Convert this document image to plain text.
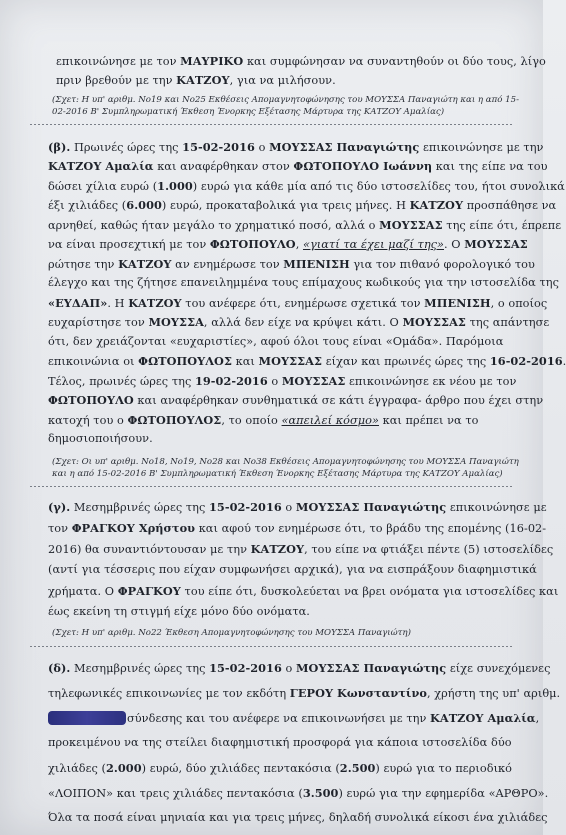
επικοινώνησε με τον ΜΑΥΡΙΚΟ και συμφώνησαν να συναντηθούν οι δύο τους, λίγο
πριν βρεθούν με την ΚΑΤΖΟΥ, για να μιλήσουν.
(Σχετ: Η υπ' αριθμ. No19 και No25 Εκθέσεις Απομαγνητοφώνησης του ΜΟΥΣΣΑ Παναγιώτη και η από 15-
02-2016 Β' Συμπληρωματική Έκθεση Ένορκης Εξέτασης Μάρτυρα της ΚΑΤΖΟΥ Αμαλίας)
(β). Πρωινές ώρες της 15-02-2016 ο ΜΟΥΣΣΑΣ Παναγιώτης επικοινώνησε με την
ΚΑΤΖΟΥ Αμαλία και αναφέρθηκαν στον ΦΩΤΟΠΟΥΛΟ Ιωάννη και της είπε να του
δώσει χίλια ευρώ (1.000) ευρώ για κάθε μία από τις δύο ιστοσελίδες του, ήτοι συνολικά
έξι χιλιάδες (6.000) ευρώ, προκαταβολικά για τρεις μήνες. Η ΚΑΤΖΟΥ προσπάθησε να
αρνηθεί, καθώς ήταν μεγάλο το χρηματικό ποσό, αλλά ο ΜΟΥΣΣΑΣ της είπε ότι, έπρεπε
να είναι προσεχτική με τον ΦΩΤΟΠΟΥΛΟ, «γιατί τα έχει μαζί της». Ο ΜΟΥΣΣΑΣ
ρώτησε την ΚΑΤΖΟΥ αν ενημέρωσε τον ΜΠΕΝΙΣΗ για τον πιθανό φορολογικό του
έλεγχο και της ζήτησε επανειλημμένα τους επίμαχους κωδικούς για την ιστοσελίδα της
«ΕΥΔΑΠ». Η ΚΑΤΖΟΥ του ανέφερε ότι, ενημέρωσε σχετικά τον ΜΠΕΝΙΣΗ, ο οποίος
ευχαρίστησε τον ΜΟΥΣΣΑ, αλλά δεν είχε να κρύψει κάτι. Ο ΜΟΥΣΣΑΣ της απάντησε
ότι, δεν χρειάζονται «ευχαριστίες», αφού όλοι τους είναι «Ομάδα». Παρόμοια
επικοινώνια οι ΦΩΤΟΠΟΥΛΟΣ και ΜΟΥΣΣΑΣ είχαν και πρωινές ώρες της 16-02-2016.
Τέλος, πρωινές ώρες της 19-02-2016 ο ΜΟΥΣΣΑΣ επικοινώνησε εκ νέου με τον
ΦΩΤΟΠΟΥΛΟ και αναφέρθηκαν συνθηματικά σε κάτι έγγραφα- άρθρο που έχει στην
κατοχή του ο ΦΩΤΟΠΟΥΛΟΣ, το οποίο «απειλεί κόσμο» και πρέπει να το
δημοσιοποιήσουν.
(Σχετ: Οι υπ' αριθμ. No18, No19, No28 και No38 Εκθέσεις Απομαγνητοφώνησης του ΜΟΥΣΣΑ Παναγιώτη
και η από 15-02-2016 Β' Συμπληρωματική Έκθεση Ένορκης Εξέτασης Μάρτυρα της ΚΑΤΖΟΥ Αμαλίας)
(γ). Μεσημβρινές ώρες της 15-02-2016 ο ΜΟΥΣΣΑΣ Παναγιώτης επικοινώνησε με
τον ΦΡΑΓΚΟΥ Χρήστου και αφού τον ενημέρωσε ότι, το βράδυ της επομένης (16-02-
2016) θα συναντιόντουσαν με την ΚΑΤΖΟΥ, του είπε να φτιάξει πέντε (5) ιστοσελίδες
(αντί για τέσσερις που είχαν συμφωνήσει αρχικά), για να εισπράξουν διαφημιστικά
χρήματα. Ο ΦΡΑΓΚΟΥ του είπε ότι, δυσκολεύεται να βρει ονόματα για ιστοσελίδες και
έως εκείνη τη στιγμή είχε μόνο δύο ονόματα.
(Σχετ: Η υπ' αριθμ. No22 Έκθεση Απομαγνητοφώνησης του ΜΟΥΣΣΑ Παναγιώτη)
(δ). Μεσημβρινές ώρες της 15-02-2016 ο ΜΟΥΣΣΑΣ Παναγιώτης είχε συνεχόμενες
τηλεφωνικές επικοινωνίες με τον εκδότη ΓΕΡΟΥ Κωνσταντίνο, χρήστη της υπ' αριθμ.
σύνδεσης και του ανέφερε να επικοινωνήσει με την ΚΑΤΖΟΥ Αμαλία,
προκειμένου να της στείλει διαφημιστική προσφορά για κάποια ιστοσελίδα δύο
χιλιάδες (2.000) ευρώ, δύο χιλιάδες πεντακόσια (2.500) ευρώ για το περιοδικό
«ΛΟΙΠΟΝ» και τρεις χιλιάδες πεντακόσια (3.500) ευρώ για την εφημερίδα «ΑΡΘΡΟ».
Όλα τα ποσά είναι μηνιαία και για τρεις μήνες, δηλαδή συνολικά είκοσι ένα χιλιάδες
